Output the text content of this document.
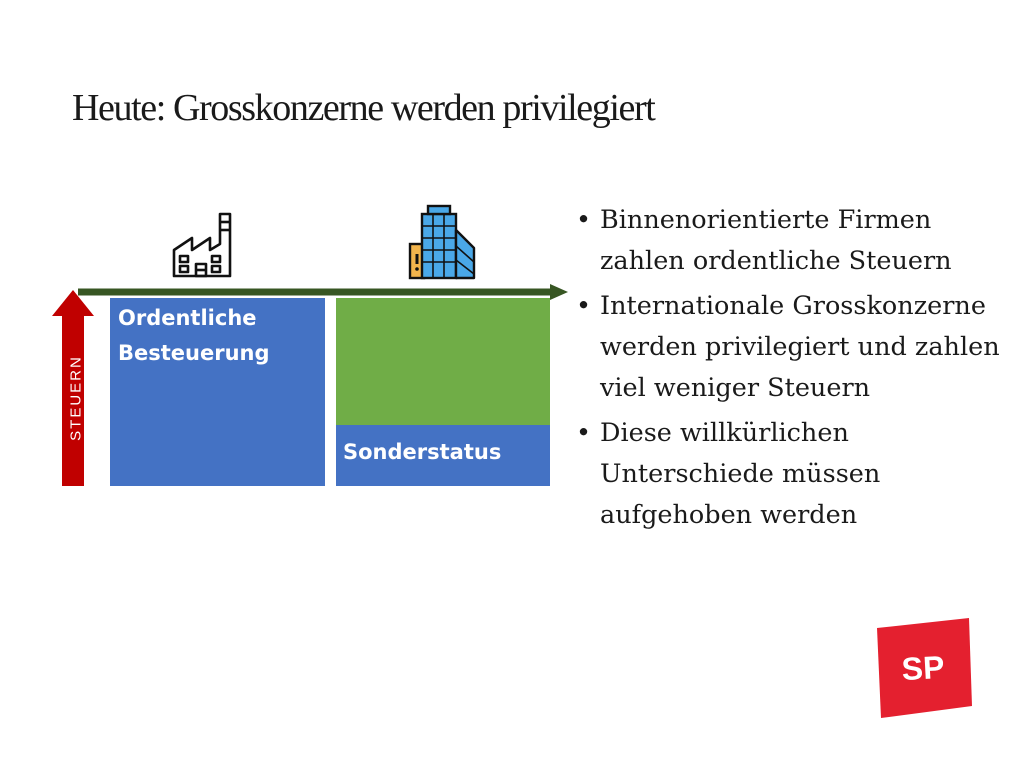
Heute: Grosskonzerne werden privilegiert
STEUERN
Ordentliche
Besteuerung
Sonderstatus
• Binnenorientierte Firmen zahlen ordentliche Steuern
• Internationale Grosskonzerne werden privilegiert und zahlen viel weniger Steuern
• Diese willkürlichen Unterschiede müssen aufgehoben werden
SP
